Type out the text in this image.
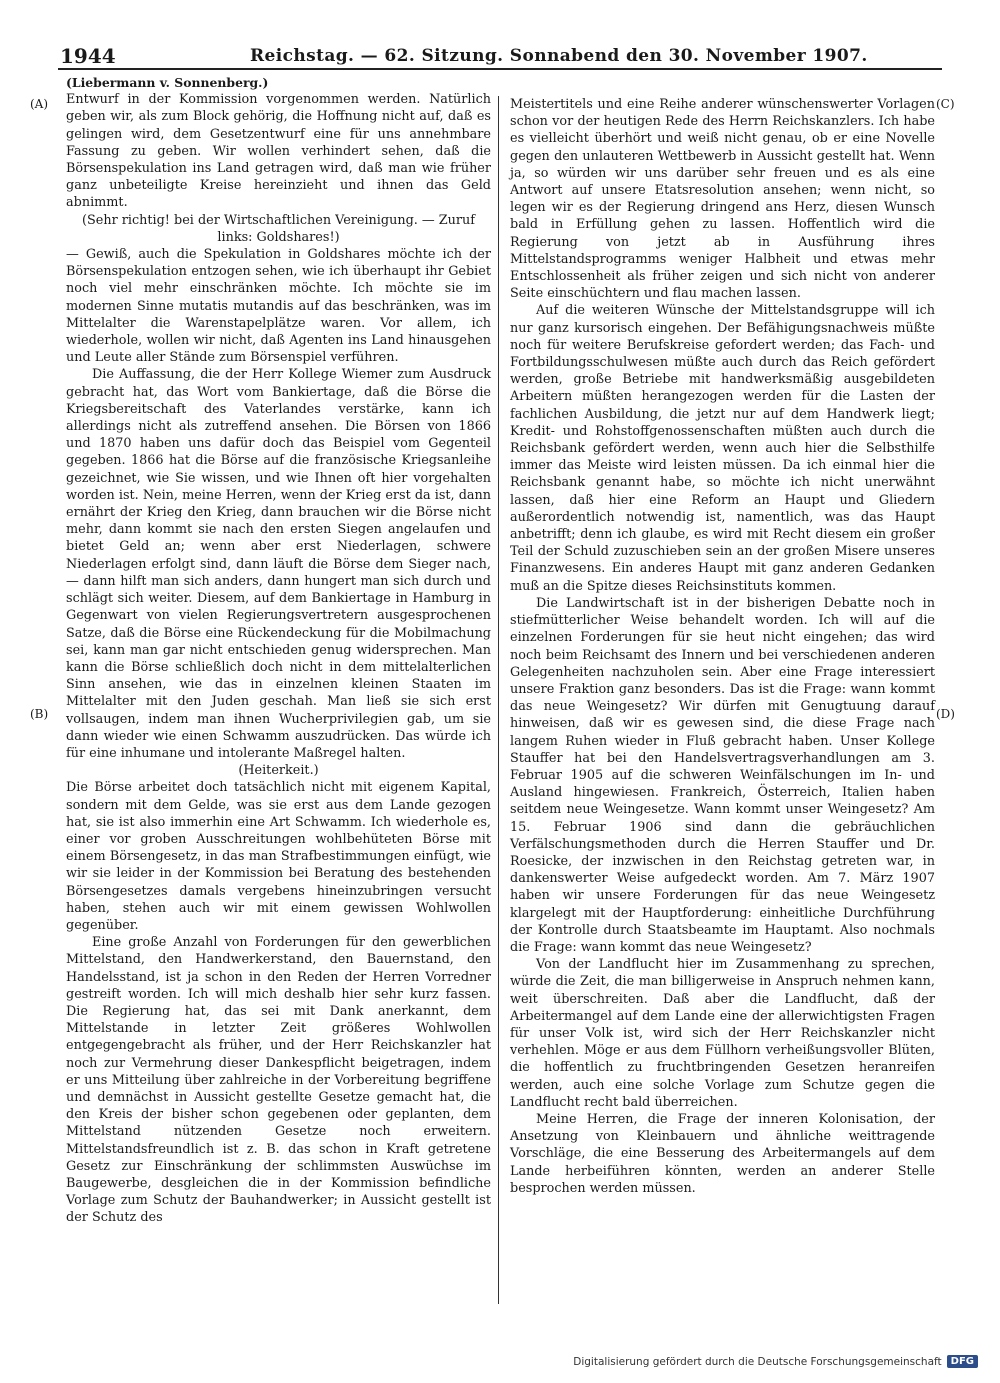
1944	Reichstag. — 62. Sitzung. Sonnabend den 30. November 1907.
(A)
(B)
(C)
(D)

(Liebermann v. Sonnenberg.)

Entwurf in der Kommission vorgenommen werden. Natürlich geben wir, als zum Block gehörig, die Hoffnung nicht auf, daß es gelingen wird, dem Gesetzentwurf eine für uns annehmbare Fassung zu geben. Wir wollen verhindert sehen, daß die Börsenspekulation ins Land getragen wird, daß man wie früher ganz unbeteiligte Kreise hereinzieht und ihnen das Geld abnimmt.

(Sehr richtig! bei der Wirtschaftlichen Vereinigung. — Zuruf links: Goldshares!)

— Gewiß, auch die Spekulation in Goldshares möchte ich der Börsenspekulation entzogen sehen, wie ich überhaupt ihr Gebiet noch viel mehr einschränken möchte. Ich möchte sie im modernen Sinne mutatis mutandis auf das beschränken, was im Mittelalter die Warenstapelplätze waren. Vor allem, ich wiederhole, wollen wir nicht, daß Agenten ins Land hinausgehen und Leute aller Stände zum Börsenspiel verführen.

Die Auffassung, die der Herr Kollege Wiemer zum Ausdruck gebracht hat, das Wort vom Bankiertage, daß die Börse die Kriegsbereitschaft des Vaterlandes verstärke, kann ich allerdings nicht als zutreffend ansehen. Die Börsen von 1866 und 1870 haben uns dafür doch das Beispiel vom Gegenteil gegeben. 1866 hat die Börse auf die französische Kriegsanleihe gezeichnet, wie Sie wissen, und wie Ihnen oft hier vorgehalten worden ist. Nein, meine Herren, wenn der Krieg erst da ist, dann ernährt der Krieg den Krieg, dann brauchen wir die Börse nicht mehr, dann kommt sie nach den ersten Siegen angelaufen und bietet Geld an; wenn aber erst Niederlagen, schwere Niederlagen erfolgt sind, dann läuft die Börse dem Sieger nach, — dann hilft man sich anders, dann hungert man sich durch und schlägt sich weiter. Diesem, auf dem Bankiertage in Hamburg in Gegenwart von vielen Regierungsvertretern ausgesprochenen Satze, daß die Börse eine Rückendeckung für die Mobilmachung sei, kann man gar nicht entschieden genug widersprechen. Man kann die Börse schließlich doch nicht in dem mittelalterlichen Sinn ansehen, wie das in einzelnen kleinen Staaten im Mittelalter mit den Juden geschah. Man ließ sie sich erst vollsaugen, indem man ihnen Wucherprivilegien gab, um sie dann wieder wie einen Schwamm auszudrücken. Das würde ich für eine inhumane und intolerante Maßregel halten.

(Heiterkeit.)

Die Börse arbeitet doch tatsächlich nicht mit eigenem Kapital, sondern mit dem Gelde, was sie erst aus dem Lande gezogen hat, sie ist also immerhin eine Art Schwamm. Ich wiederhole es, einer vor groben Ausschreitungen wohlbehüteten Börse mit einem Börsengesetz, in das man Strafbestimmungen einfügt, wie wir sie leider in der Kommission bei Beratung des bestehenden Börsengesetzes damals vergebens hineinzubringen versucht haben, stehen auch wir mit einem gewissen Wohlwollen gegenüber.

Eine große Anzahl von Forderungen für den gewerblichen Mittelstand, den Handwerkerstand, den Bauernstand, den Handelsstand, ist ja schon in den Reden der Herren Vorredner gestreift worden. Ich will mich deshalb hier sehr kurz fassen. Die Regierung hat, das sei mit Dank anerkannt, dem Mittelstande in letzter Zeit größeres Wohlwollen entgegengebracht als früher, und der Herr Reichskanzler hat noch zur Vermehrung dieser Dankespflicht beigetragen, indem er uns Mitteilung über zahlreiche in der Vorbereitung begriffene und demnächst in Aussicht gestellte Gesetze gemacht hat, die den Kreis der bisher schon gegebenen oder geplanten, dem Mittelstand nützenden Gesetze noch erweitern. Mittelstandsfreundlich ist z. B. das schon in Kraft getretene Gesetz zur Einschränkung der schlimmsten Auswüchse im Baugewerbe, desgleichen die in der Kommission befindliche Vorlage zum Schutz der Bauhandwerker; in Aussicht gestellt ist der Schutz des

Meistertitels und eine Reihe anderer wünschenswerter Vorlagen schon vor der heutigen Rede des Herrn Reichskanzlers. Ich habe es vielleicht überhört und weiß nicht genau, ob er eine Novelle gegen den unlauteren Wettbewerb in Aussicht gestellt hat. Wenn ja, so würden wir uns darüber sehr freuen und es als eine Antwort auf unsere Etatsresolution ansehen; wenn nicht, so legen wir es der Regierung dringend ans Herz, diesen Wunsch bald in Erfüllung gehen zu lassen. Hoffentlich wird die Regierung von jetzt ab in Ausführung ihres Mittelstandsprogramms weniger Halbheit und etwas mehr Entschlossenheit als früher zeigen und sich nicht von anderer Seite einschüchtern und flau machen lassen.

Auf die weiteren Wünsche der Mittelstandsgruppe will ich nur ganz kursorisch eingehen. Der Befähigungsnachweis müßte noch für weitere Berufskreise gefordert werden; das Fach- und Fortbildungsschulwesen müßte auch durch das Reich gefördert werden, große Betriebe mit handwerksmäßig ausgebildeten Arbeitern müßten herangezogen werden für die Lasten der fachlichen Ausbildung, die jetzt nur auf dem Handwerk liegt; Kredit- und Rohstoffgenossenschaften müßten auch durch die Reichsbank gefördert werden, wenn auch hier die Selbsthilfe immer das Meiste wird leisten müssen. Da ich einmal hier die Reichsbank genannt habe, so möchte ich nicht unerwähnt lassen, daß hier eine Reform an Haupt und Gliedern außerordentlich notwendig ist, namentlich, was das Haupt anbetrifft; denn ich glaube, es wird mit Recht diesem ein großer Teil der Schuld zuzuschieben sein an der großen Misere unseres Finanzwesens. Ein anderes Haupt mit ganz anderen Gedanken muß an die Spitze dieses Reichsinstituts kommen.

Die Landwirtschaft ist in der bisherigen Debatte noch in stiefmütterlicher Weise behandelt worden. Ich will auf die einzelnen Forderungen für sie heut nicht eingehen; das wird noch beim Reichsamt des Innern und bei verschiedenen anderen Gelegenheiten nachzuholen sein. Aber eine Frage interessiert unsere Fraktion ganz besonders. Das ist die Frage: wann kommt das neue Weingesetz? Wir dürfen mit Genugtuung darauf hinweisen, daß wir es gewesen sind, die diese Frage nach langem Ruhen wieder in Fluß gebracht haben. Unser Kollege Stauffer hat bei den Handelsvertragsverhandlungen am 3. Februar 1905 auf die schweren Weinfälschungen im In- und Ausland hingewiesen. Frankreich, Österreich, Italien haben seitdem neue Weingesetze. Wann kommt unser Weingesetz? Am 15. Februar 1906 sind dann die gebräuchlichen Verfälschungsmethoden durch die Herren Stauffer und Dr. Roesicke, der inzwischen in den Reichstag getreten war, in dankenswerter Weise aufgedeckt worden. Am 7. März 1907 haben wir unsere Forderungen für das neue Weingesetz klargelegt mit der Hauptforderung: einheitliche Durchführung der Kontrolle durch Staatsbeamte im Hauptamt. Also nochmals die Frage: wann kommt das neue Weingesetz?

Von der Landflucht hier im Zusammenhang zu sprechen, würde die Zeit, die man billigerweise in Anspruch nehmen kann, weit überschreiten. Daß aber die Landflucht, daß der Arbeitermangel auf dem Lande eine der allerwichtigsten Fragen für unser Volk ist, wird sich der Herr Reichskanzler nicht verhehlen. Möge er aus dem Füllhorn verheißungsvoller Blüten, die hoffentlich zu fruchtbringenden Gesetzen heranreifen werden, auch eine solche Vorlage zum Schutze gegen die Landflucht recht bald überreichen.

Meine Herren, die Frage der inneren Kolonisation, der Ansetzung von Kleinbauern und ähnliche weittragende Vorschläge, die eine Besserung des Arbeitermangels auf dem Lande herbeiführen könnten, werden an anderer Stelle besprochen werden müssen.

Digitalisierung gefördert durch die Deutsche Forschungsgemeinschaft DFG
